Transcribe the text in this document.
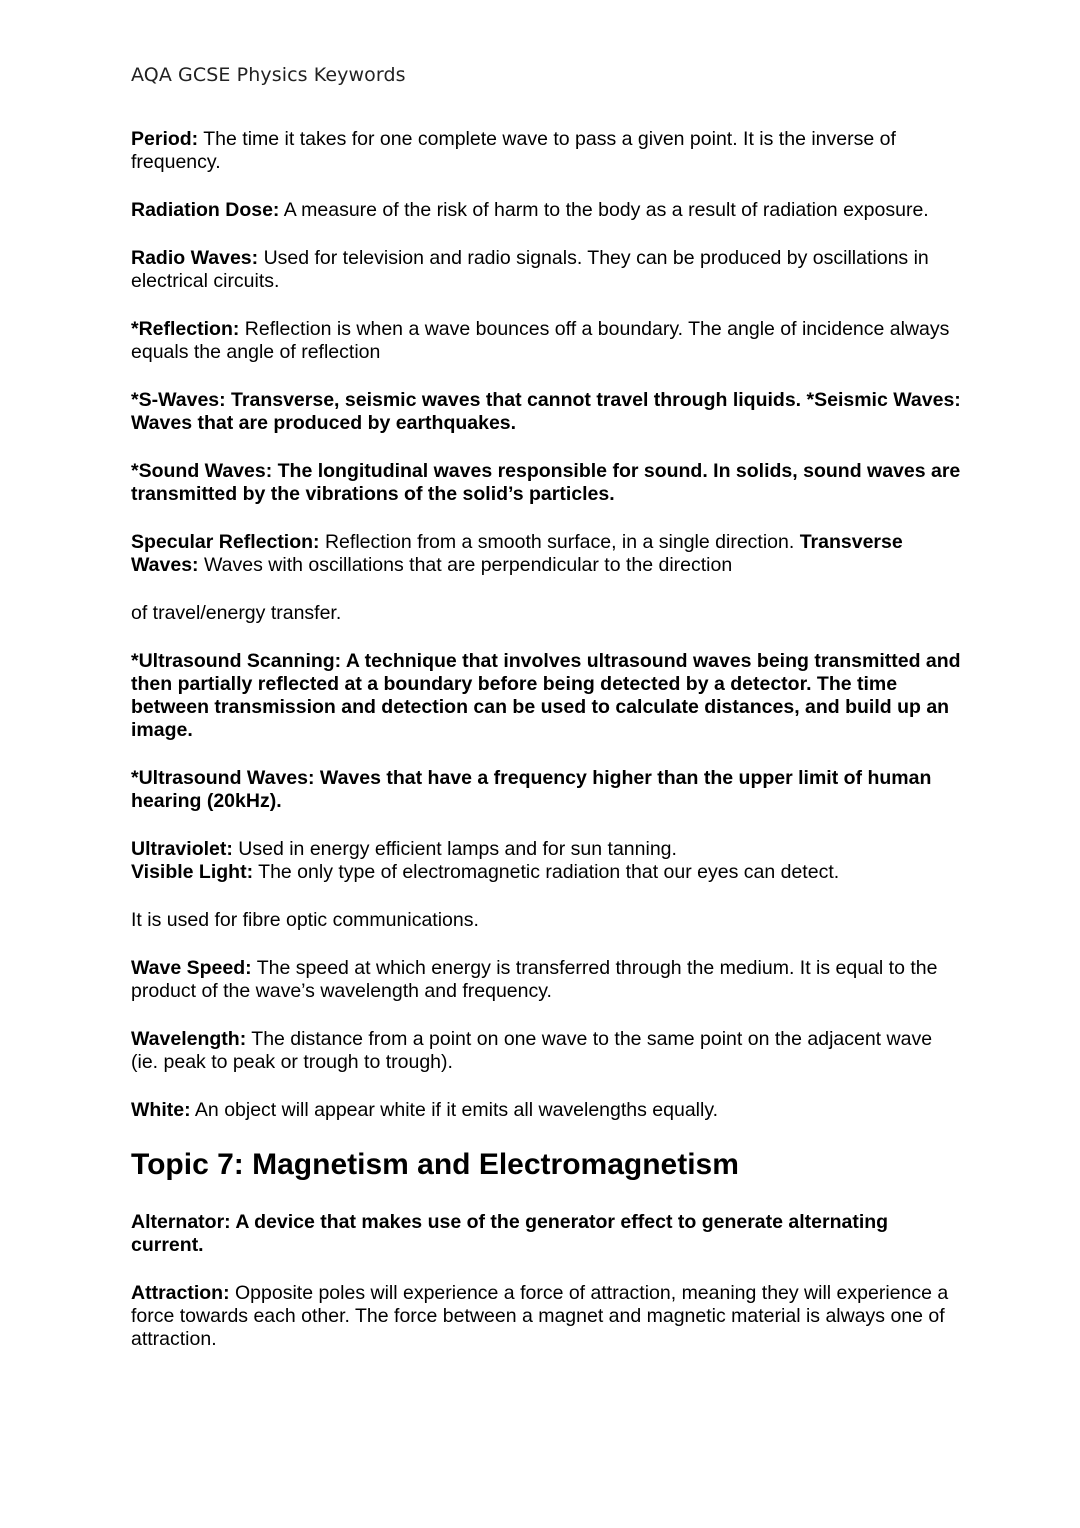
AQA GCSE Physics Keywords

Period: The time it takes for one complete wave to pass a given point. It is the inverse of frequency.

Radiation Dose: A measure of the risk of harm to the body as a result of radiation exposure.

Radio Waves: Used for television and radio signals. They can be produced by oscillations in electrical circuits.

*Reflection: Reflection is when a wave bounces off a boundary. The angle of incidence always equals the angle of reflection

*S-Waves: Transverse, seismic waves that cannot travel through liquids. *Seismic Waves: Waves that are produced by earthquakes.

*Sound Waves: The longitudinal waves responsible for sound. In solids, sound waves are transmitted by the vibrations of the solid’s particles.

Specular Reflection: Reflection from a smooth surface, in a single direction. Transverse Waves: Waves with oscillations that are perpendicular to the direction

of travel/energy transfer.

*Ultrasound Scanning: A technique that involves ultrasound waves being transmitted and then partially reflected at a boundary before being detected by a detector. The time between transmission and detection can be used to calculate distances, and build up an image.

*Ultrasound Waves: Waves that have a frequency higher than the upper limit of human hearing (20kHz).

Ultraviolet: Used in energy efficient lamps and for sun tanning.

Visible Light: The only type of electromagnetic radiation that our eyes can detect.

It is used for fibre optic communications.

Wave Speed: The speed at which energy is transferred through the medium. It is equal to the product of the wave’s wavelength and frequency.

Wavelength: The distance from a point on one wave to the same point on the adjacent wave (ie. peak to peak or trough to trough).

White: An object will appear white if it emits all wavelengths equally.

Topic 7: Magnetism and Electromagnetism

Alternator: A device that makes use of the generator effect to generate alternating current.

Attraction: Opposite poles will experience a force of attraction, meaning they will experience a force towards each other. The force between a magnet and magnetic material is always one of attraction.
